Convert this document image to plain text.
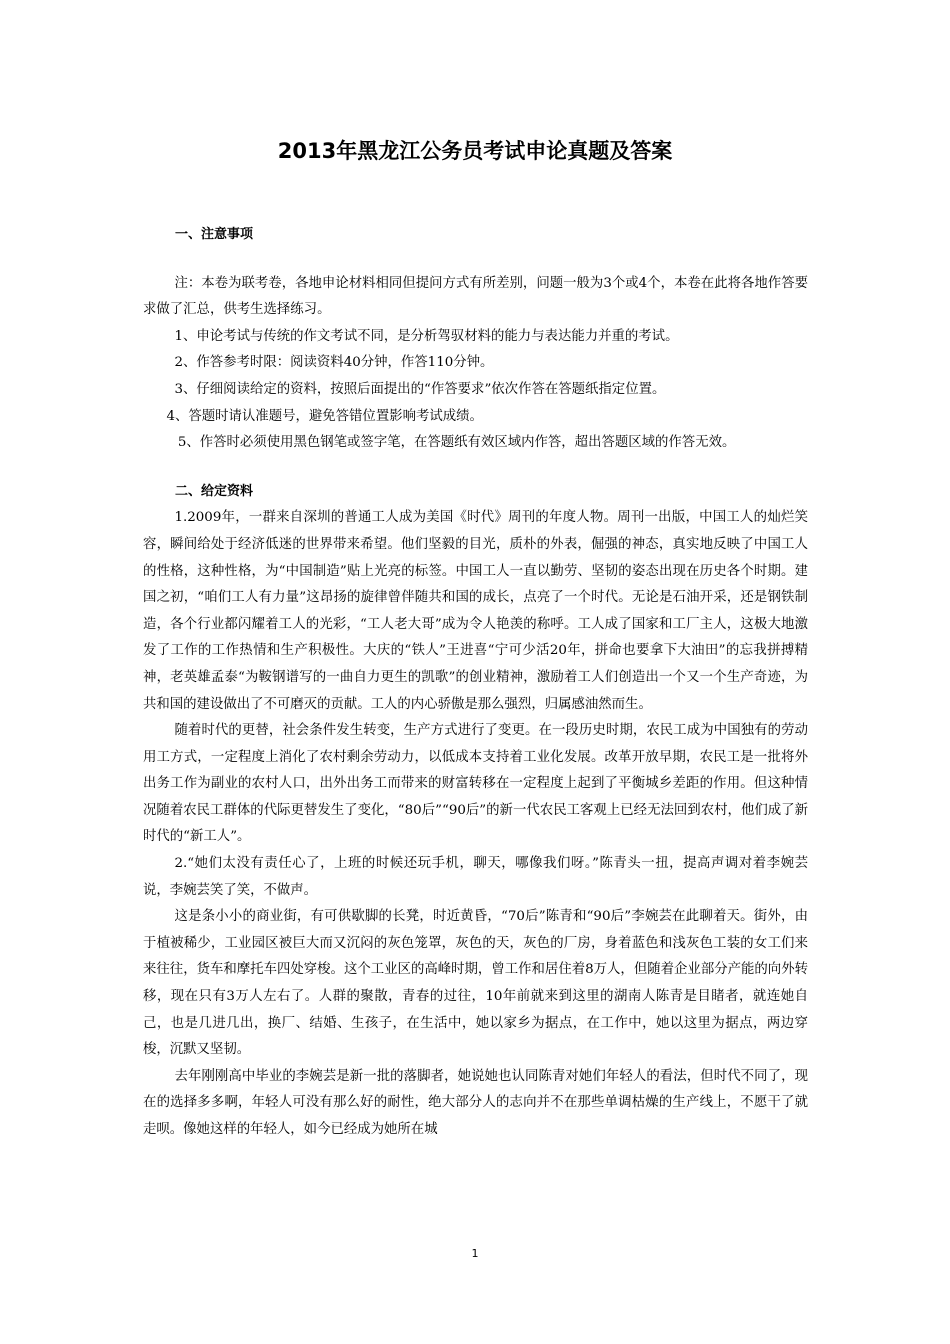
2013年黑龙江公务员考试申论真题及答案

一、注意事项

注：本卷为联考卷，各地申论材料相同但提问方式有所差别，问题一般为3个或4个，本卷在此将各地作答要求做了汇总，供考生选择练习。

1、申论考试与传统的作文考试不同，是分析驾驭材料的能力与表达能力并重的考试。

2、作答参考时限：阅读资料40分钟，作答110分钟。

3、仔细阅读给定的资料，按照后面提出的“作答要求”依次作答在答题纸指定位置。

4、答题时请认准题号，避免答错位置影响考试成绩。

5、作答时必须使用黑色钢笔或签字笔，在答题纸有效区域内作答，超出答题区域的作答无效。

二、给定资料

1.2009年，一群来自深圳的普通工人成为美国《时代》周刊的年度人物。周刊一出版，中国工人的灿烂笑容，瞬间给处于经济低迷的世界带来希望。他们坚毅的目光，质朴的外表，倔强的神态，真实地反映了中国工人的性格，这种性格，为“中国制造”贴上光亮的标签。中国工人一直以勤劳、坚韧的姿态出现在历史各个时期。建国之初，“咱们工人有力量”这昂扬的旋律曾伴随共和国的成长，点亮了一个时代。无论是石油开采，还是钢铁制造，各个行业都闪耀着工人的光彩，“工人老大哥”成为令人艳羡的称呼。工人成了国家和工厂主人，这极大地激发了工作的工作热情和生产积极性。大庆的“铁人”王进喜“宁可少活20年，拼命也要拿下大油田”的忘我拼搏精神，老英雄孟泰“为鞍钢谱写的一曲自力更生的凯歌”的创业精神，激励着工人们创造出一个又一个生产奇迹，为共和国的建设做出了不可磨灭的贡献。工人的内心骄傲是那么强烈，归属感油然而生。

随着时代的更替，社会条件发生转变，生产方式进行了变更。在一段历史时期，农民工成为中国独有的劳动用工方式，一定程度上消化了农村剩余劳动力，以低成本支持着工业化发展。改革开放早期，农民工是一批将外出务工作为副业的农村人口，出外出务工而带来的财富转移在一定程度上起到了平衡城乡差距的作用。但这种情况随着农民工群体的代际更替发生了变化，“80后”“90后”的新一代农民工客观上已经无法回到农村，他们成了新时代的“新工人”。

2.“她们太没有责任心了，上班的时候还玩手机，聊天，哪像我们呀。”陈青头一扭，提高声调对着李婉芸说，李婉芸笑了笑，不做声。

这是条小小的商业街，有可供歇脚的长凳，时近黄昏，“70后”陈青和“90后”李婉芸在此聊着天。街外，由于植被稀少，工业园区被巨大而又沉闷的灰色笼罩，灰色的天，灰色的厂房，身着蓝色和浅灰色工装的女工们来来往往，货车和摩托车四处穿梭。这个工业区的高峰时期，曾工作和居住着8万人，但随着企业部分产能的向外转移，现在只有3万人左右了。人群的聚散，青春的过往，10年前就来到这里的湖南人陈青是目睹者，就连她自己，也是几进几出，换厂、结婚、生孩子，在生活中，她以家乡为据点，在工作中，她以这里为据点，两边穿梭，沉默又坚韧。

去年刚刚高中毕业的李婉芸是新一批的落脚者，她说她也认同陈青对她们年轻人的看法，但时代不同了，现在的选择多多啊，年轻人可没有那么好的耐性，绝大部分人的志向并不在那些单调枯燥的生产线上，不愿干了就走呗。像她这样的年轻人，如今已经成为她所在城

1
